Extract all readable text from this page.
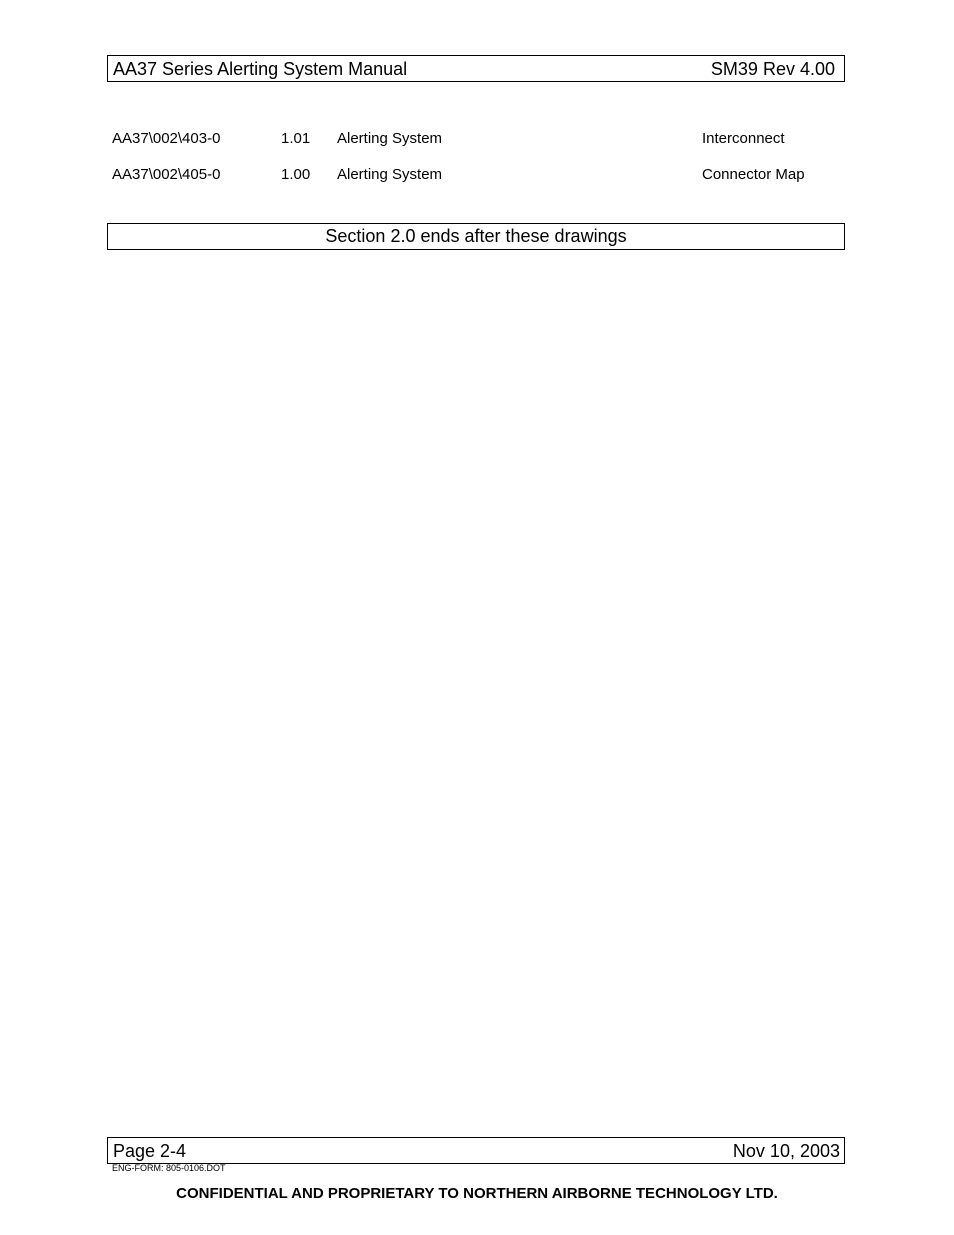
AA37 Series Alerting System Manual	SM39 Rev 4.00
AA37\002\403-0	1.01 Alerting System	Interconnect
AA37\002\405-0	1.00 Alerting System	Connector Map
Section 2.0 ends after these drawings
Page 2-4	Nov 10, 2003
ENG-FORM: 805-0106.DOT
CONFIDENTIAL AND PROPRIETARY TO NORTHERN AIRBORNE TECHNOLOGY LTD.
